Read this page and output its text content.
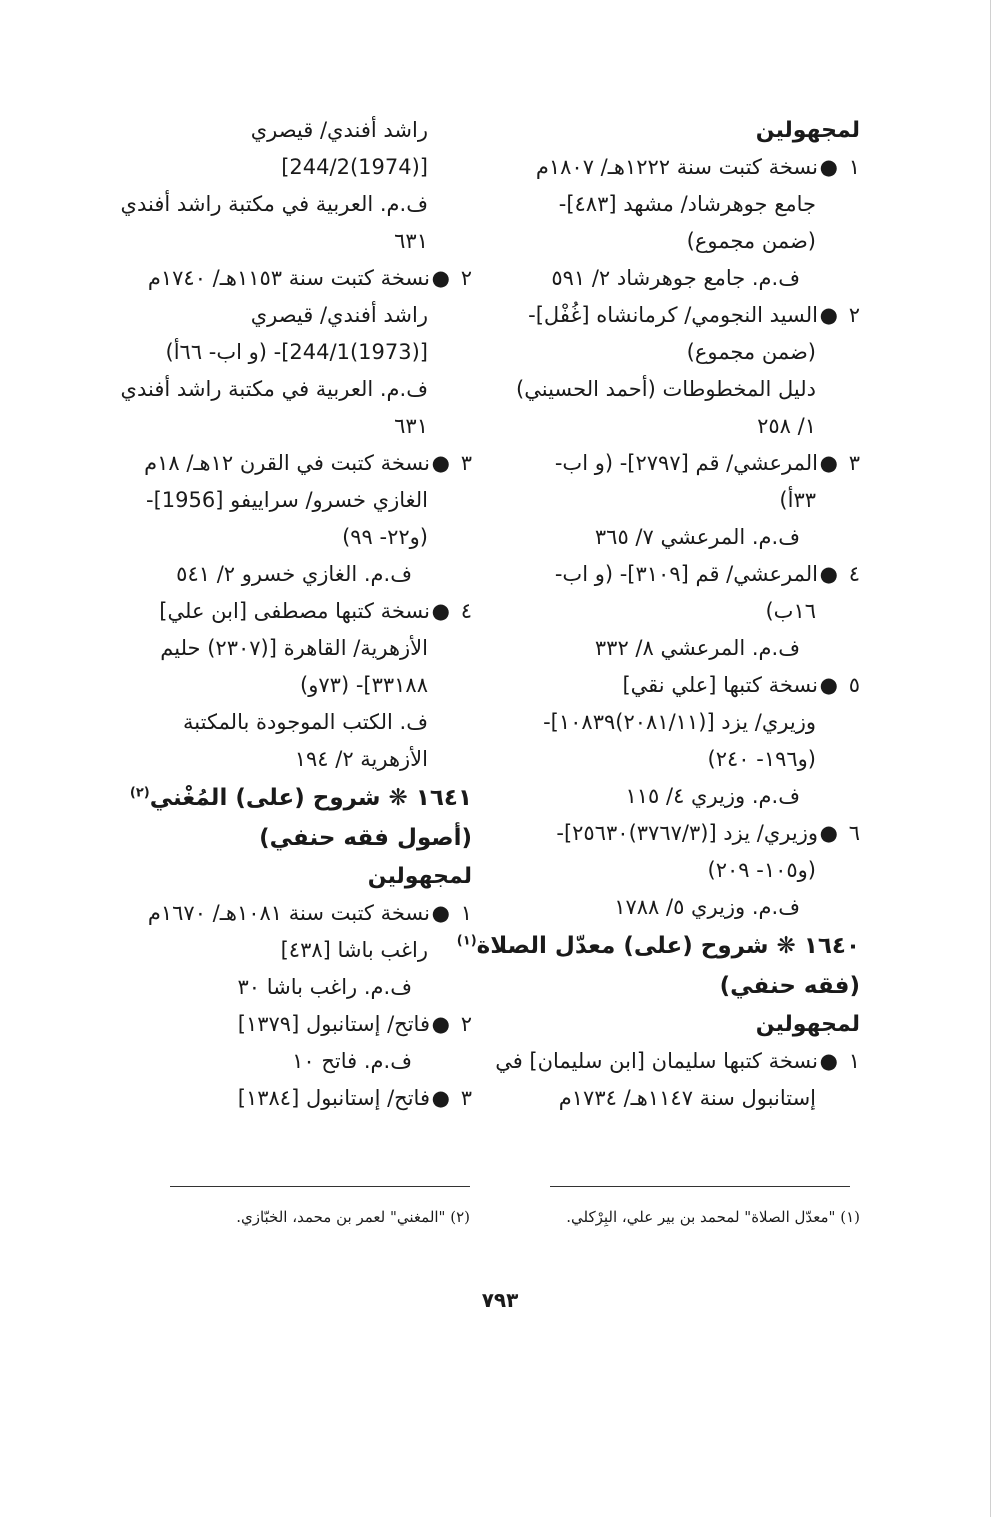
لمجهولين
١●نسخة كتبت سنة ١٢٢٢هـ/ ١٨٠٧م
جامع جوهرشاد/ مشهد [٤٨٣]-
(ضمن مجموع)
ف.م. جامع جوهرشاد ٢/ ٥٩١
٢●السيد النجومي/ كرمانشاه [غُفْل]-
(ضمن مجموع)
دليل المخطوطات (أحمد الحسيني)
١/ ٢٥٨
٣●المرعشي/ قم [٢٧٩٧]- (و اب-
٣٣أ)
ف.م. المرعشي ٧/ ٣٦٥
٤●المرعشي/ قم [٣١٠٩]- (و اب-
١٦ب)
ف.م. المرعشي ٨/ ٣٣٢
٥●نسخة كتبها [علي نقي]
وزيري/ يزد [(٢٠٨١/١١)١٠٨٣٩]-
(و١٩٦- ٢٤٠)
ف.م. وزيري ٤/ ١١٥
٦●وزيري/ يزد [(٣٧٦٧/٣)٢٥٦٣٠]-
(و١٠٥- ٢٠٩)
ف.م. وزيري ٥/ ١٧٨٨
١٦٤٠ ❋ شروح (على) معدّل الصلاة$^{(١)}$
(فقه حنفي)
لمجهولين
١●نسخة كتبها سليمان [ابن سليمان] في
إستانبول سنة ١١٤٧هـ/ ١٧٣٤م
راشد أفندي/ قيصري
[(1974)244/2]
ف.م. العربية في مكتبة راشد أفندي
٦٣١
٢●نسخة كتبت سنة ١١٥٣هـ/ ١٧٤٠م
راشد أفندي/ قيصري
[(1973)244/1]- (و اب- ٦٦أ)
ف.م. العربية في مكتبة راشد أفندي
٦٣١
٣●نسخة كتبت في القرن ١٢هـ/ ١٨م
الغازي خسرو/ سراييفو [1956]-
(و٢٢- ٩٩)
ف.م. الغازي خسرو ٢/ ٥٤١
٤●نسخة كتبها مصطفى [ابن علي]
الأزهرية/ القاهرة [(٢٣٠٧) حليم
٣٣١٨٨]- (٧٣و)
ف. الكتب الموجودة بالمكتبة
الأزهرية ٢/ ١٩٤
١٦٤١ ❋ شروح (على) المُغْني$^{(٢)}$
(أصول فقه حنفي)
لمجهولين
١●نسخة كتبت سنة ١٠٨١هـ/ ١٦٧٠م
راغب باشا [٤٣٨]
ف.م. راغب باشا ٣٠
٢●فاتح/ إستانبول [١٣٧٩]
ف.م. فاتح ١٠
٣●فاتح/ إستانبول [١٣٨٤]
(١) "معدّل الصلاة" لمحمد بن بير علي، البِرْكلي.
(٢) "المغني" لعمر بن محمد، الخبّازي.
٧٩٣
